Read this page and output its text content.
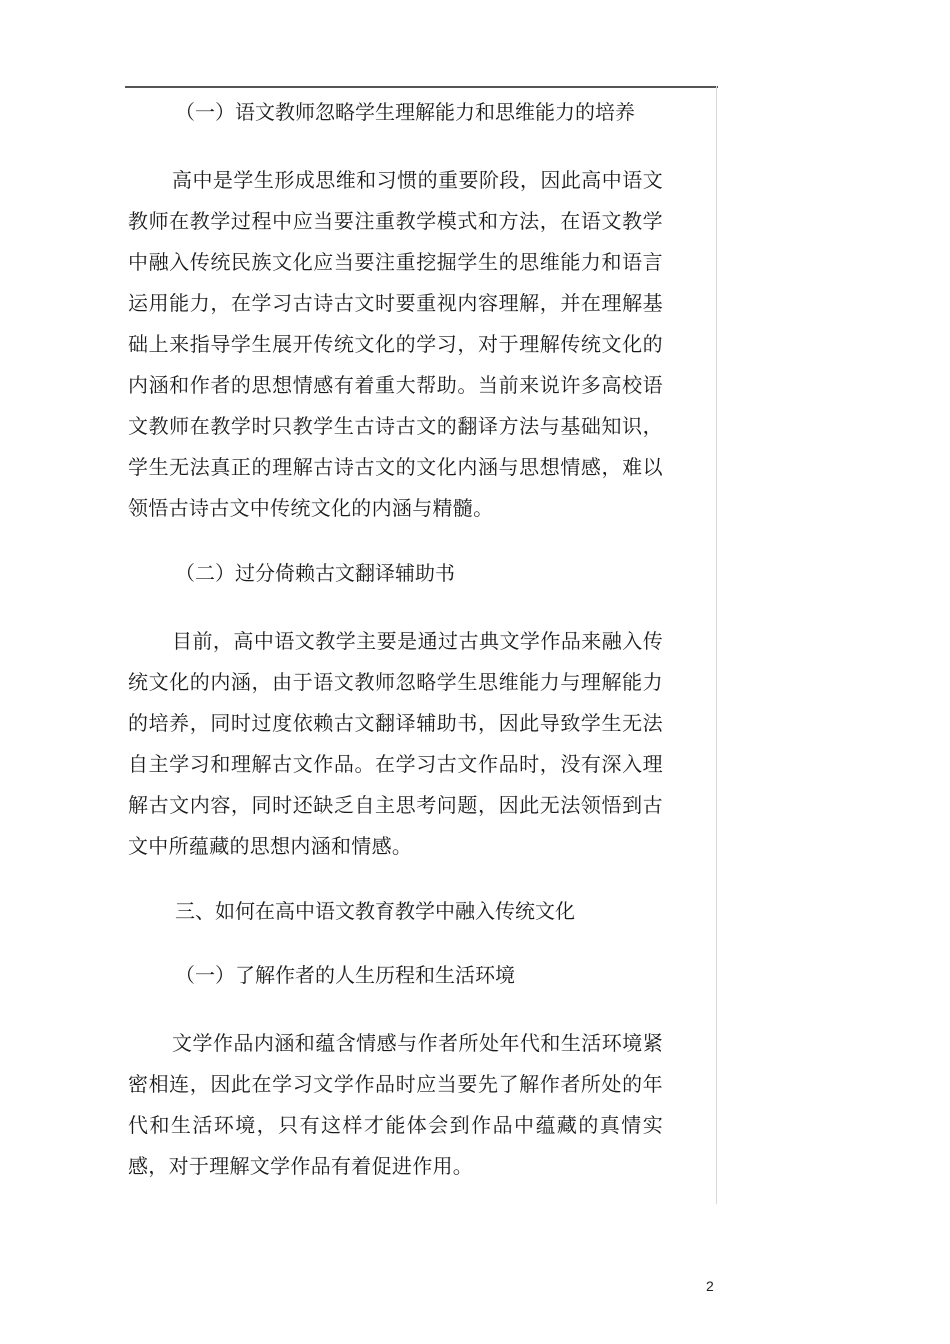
（一）语文教师忽略学生理解能力和思维能力的培养

高中是学生形成思维和习惯的重要阶段，因此高中语文教师在教学过程中应当要注重教学模式和方法，在语文教学中融入传统民族文化应当要注重挖掘学生的思维能力和语言运用能力，在学习古诗古文时要重视内容理解，并在理解基础上来指导学生展开传统文化的学习，对于理解传统文化的内涵和作者的思想情感有着重大帮助。当前来说许多高校语文教师在教学时只教学生古诗古文的翻译方法与基础知识，学生无法真正的理解古诗古文的文化内涵与思想情感，难以领悟古诗古文中传统文化的内涵与精髓。

（二）过分倚赖古文翻译辅助书

目前，高中语文教学主要是通过古典文学作品来融入传统文化的内涵，由于语文教师忽略学生思维能力与理解能力的培养，同时过度依赖古文翻译辅助书，因此导致学生无法自主学习和理解古文作品。在学习古文作品时，没有深入理解古文内容，同时还缺乏自主思考问题，因此无法领悟到古文中所蕴藏的思想内涵和情感。

三、如何在高中语文教育教学中融入传统文化
（一）了解作者的人生历程和生活环境

文学作品内涵和蕴含情感与作者所处年代和生活环境紧密相连，因此在学习文学作品时应当要先了解作者所处的年代和生活环境，只有这样才能体会到作品中蕴藏的真情实感，对于理解文学作品有着促进作用。

2
